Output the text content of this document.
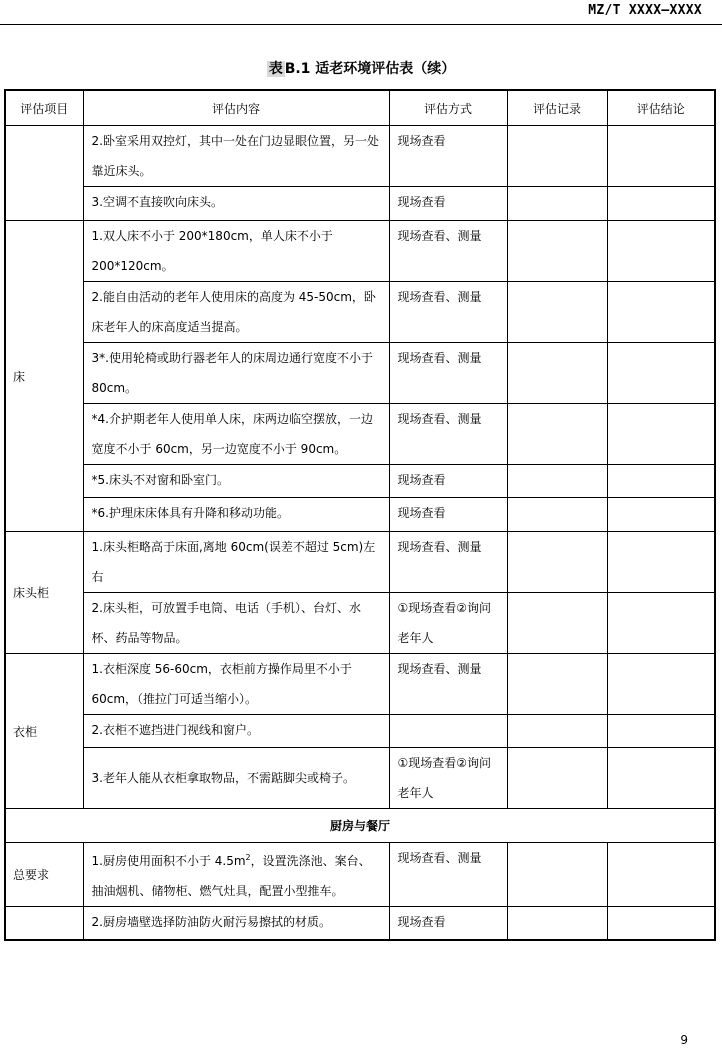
MZ/T XXXX—XXXX
表 B.1 适老环境评估表（续）
评估项目	评估内容	评估方式	评估记录	评估结论
	2.卧室采用双控灯，其中一处在门边显眼位置，另一处靠近床头。	现场查看		
	3.空调不直接吹向床头。	现场查看		
床	1.双人床不小于 200*180cm，单人床不小于 200*120cm。	现场查看、测量		
	2.能自由活动的老年人使用床的高度为 45-50cm，卧床老年人的床高度适当提高。	现场查看、测量		
	3*.使用轮椅或助行器老年人的床周边通行宽度不小于 80cm。	现场查看、测量		
	*4.介护期老年人使用单人床，床两边临空摆放，一边宽度不小于 60cm，另一边宽度不小于 90cm。	现场查看、测量		
	*5.床头不对窗和卧室门。	现场查看		
	*6.护理床床体具有升降和移动功能。	现场查看		
床头柜	1.床头柜略高于床面,离地 60cm(误差不超过 5cm)左右	现场查看、测量		
	2.床头柜，可放置手电筒、电话（手机）、台灯、水杯、药品等物品。	①现场查看②询问老年人		
衣柜	1.衣柜深度 56-60cm，衣柜前方操作局里不小于 60cm，（推拉门可适当缩小）。	现场查看、测量		
	2.衣柜不遮挡进门视线和窗户。			
	3.老年人能从衣柜拿取物品，不需踮脚尖或椅子。	①现场查看②询问老年人		
厨房与餐厅				
总要求	1.厨房使用面积不小于 $4.5m^2$，设置洗涤池、案台、抽油烟机、储物柜、燃气灶具，配置小型推车。	现场查看、测量		
	2.厨房墙壁选择防油防火耐污易擦拭的材质。	现场查看		
9
